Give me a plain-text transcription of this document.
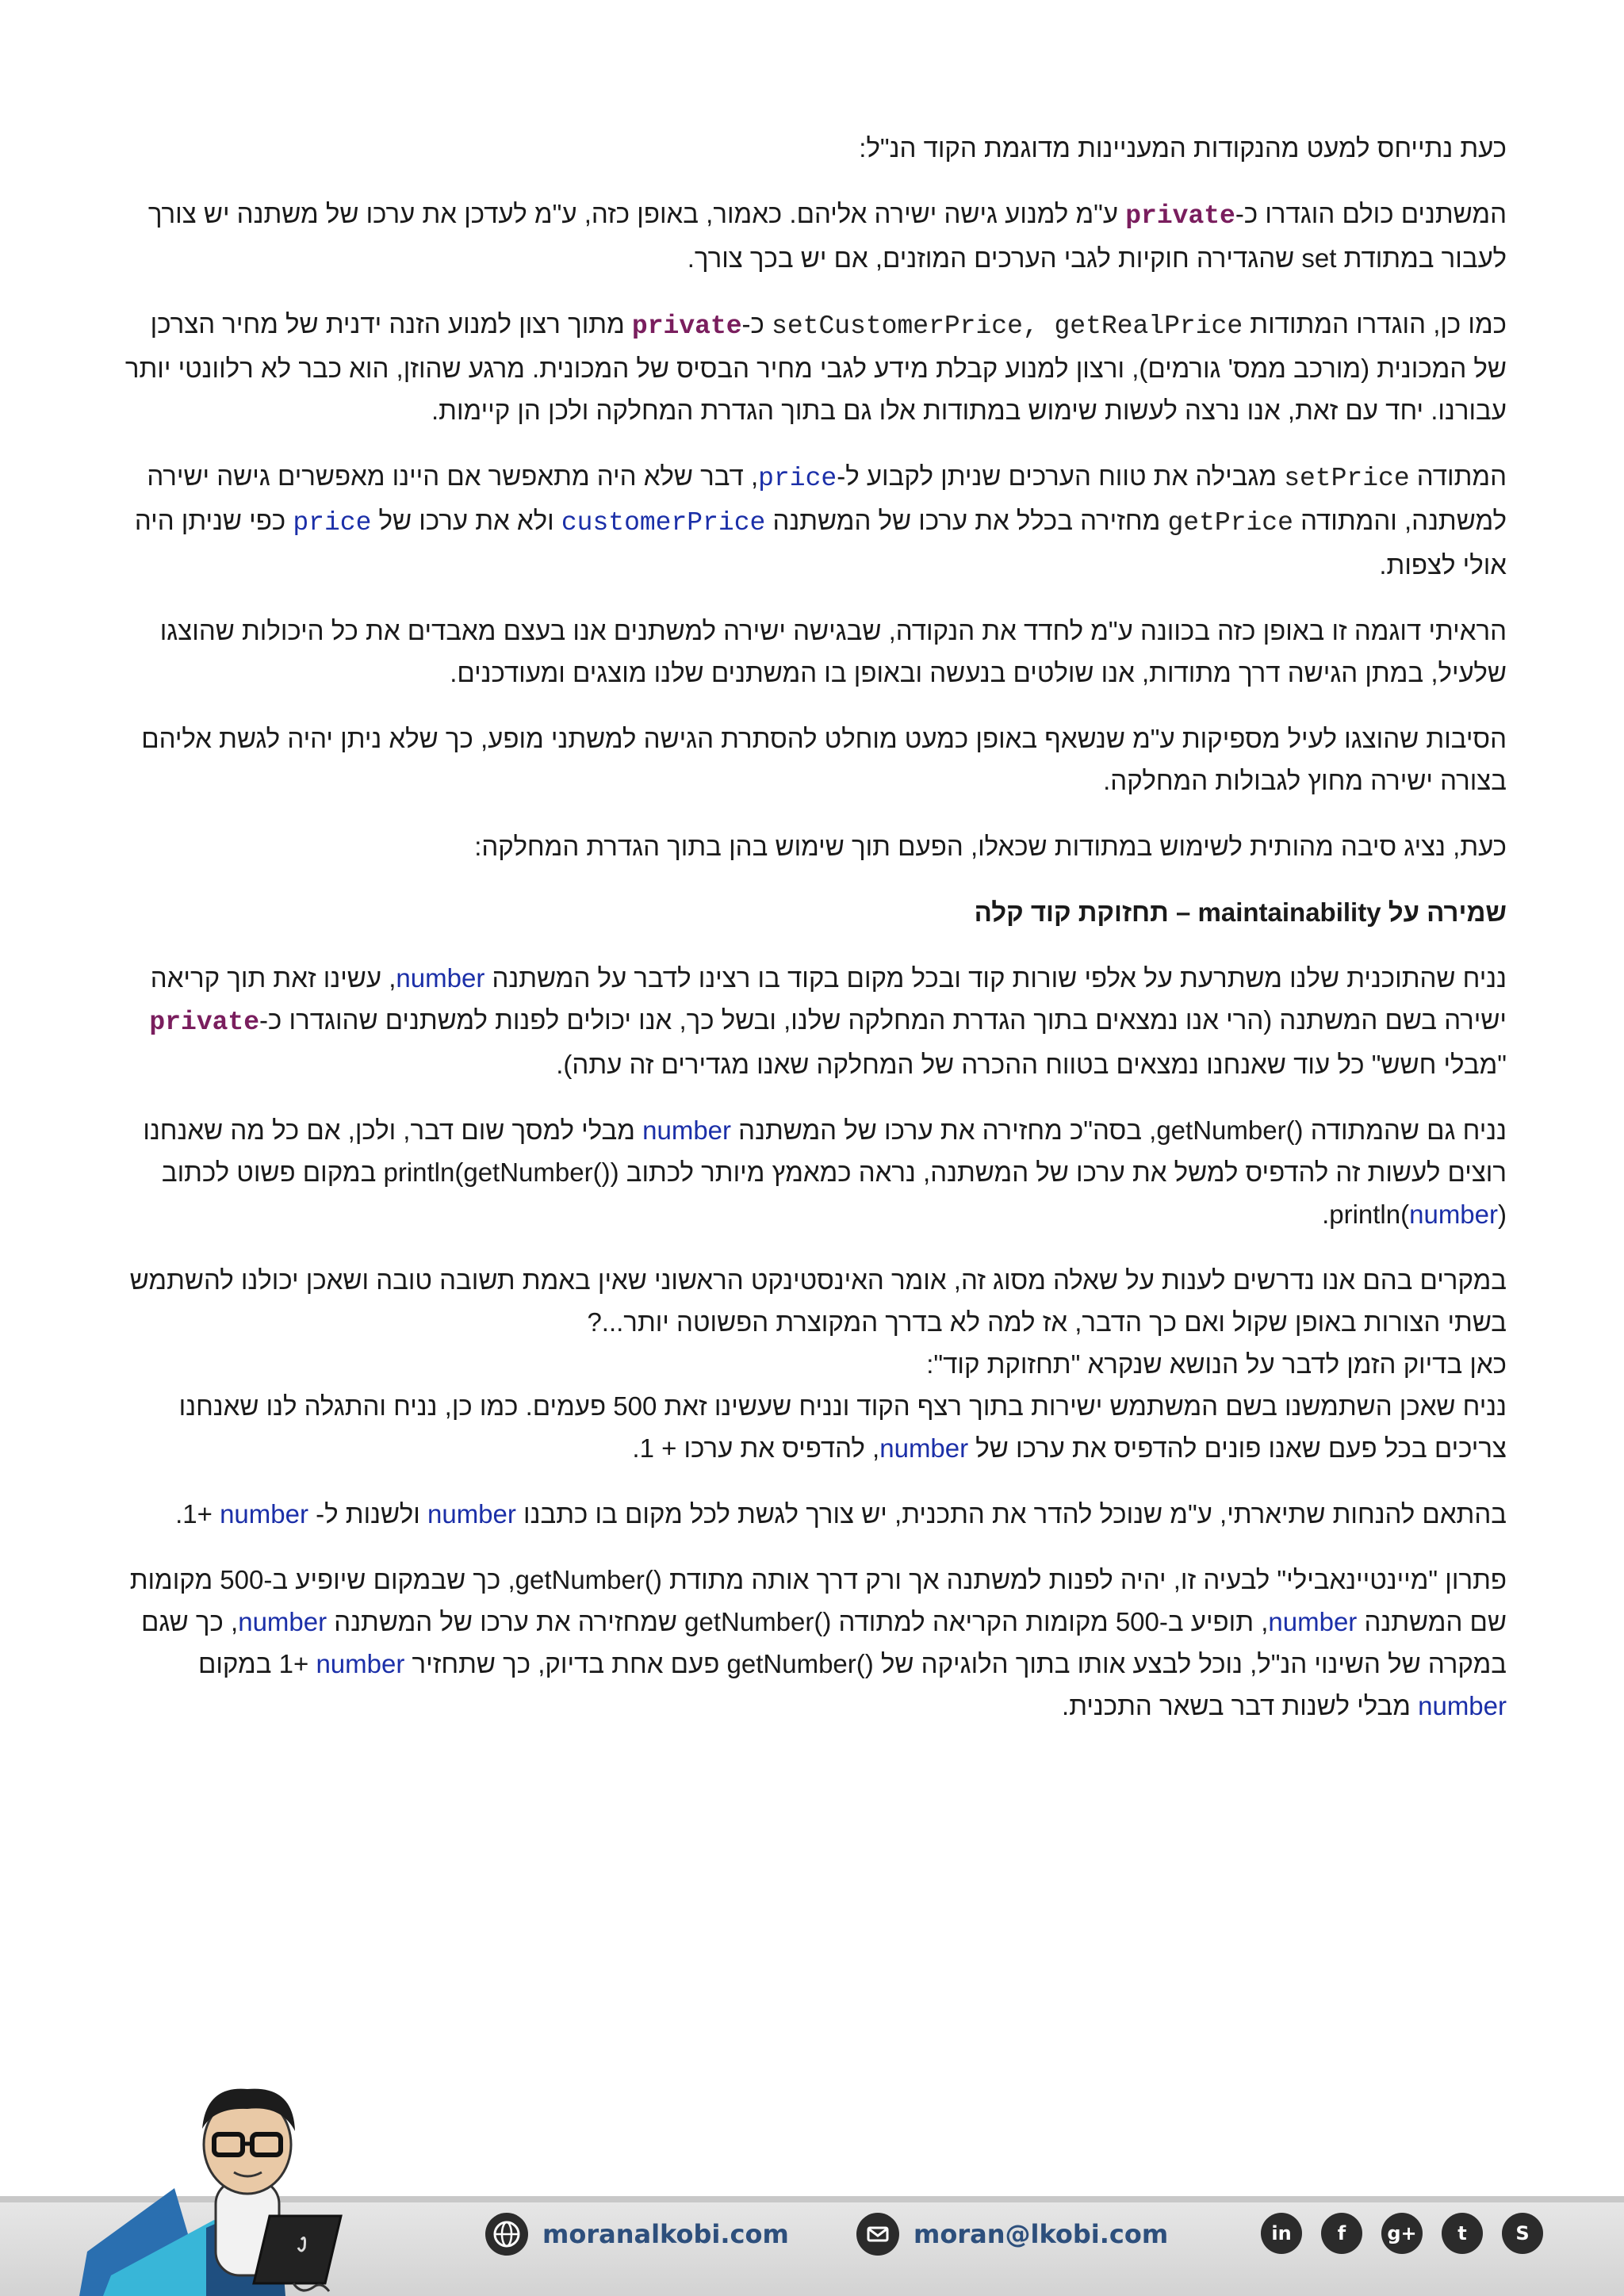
כעת נתייחס למעט מהנקודות המעניינות מדוגמת הקוד הנ"ל:

המשתנים כולם הוגדרו כ-private ע"מ למנוע גישה ישירה אליהם. כאמור, באופן כזה, ע"מ לעדכן את ערכו של משתנה יש צורך לעבור במתודת set שהגדירה חוקיות לגבי הערכים המוזנים, אם יש בכך צורך.

כמו כן, הוגדרו המתודות setCustomerPrice, getRealPrice כ-private מתוך רצון למנוע הזנה ידנית של מחיר הצרכן של המכונית (מורכב ממס' גורמים), ורצון למנוע קבלת מידע לגבי מחיר הבסיס של המכונית. מרגע שהוזן, הוא כבר לא רלוונטי יותר עבורנו. יחד עם זאת, אנו נרצה לעשות שימוש במתודות אלו גם בתוך הגדרת המחלקה ולכן הן קיימות.

המתודה setPrice מגבילה את טווח הערכים שניתן לקבוע ל-price, דבר שלא היה מתאפשר אם היינו מאפשרים גישה ישירה למשתנה, והמתודה getPrice מחזירה בכלל את ערכו של המשתנה customerPrice ולא את ערכו של price כפי שניתן היה אולי לצפות.

הראיתי דוגמה זו באופן כזה בכוונה ע"מ לחדד את הנקודה, שבגישה ישירה למשתנים אנו בעצם מאבדים את כל היכולות שהוצגו שלעיל, במתן הגישה דרך מתודות, אנו שולטים בנעשה ובאופן בו המשתנים שלנו מוצגים ומעודכנים.

הסיבות שהוצגו לעיל מספיקות ע"מ שנשאף באופן כמעט מוחלט להסתרת הגישה למשתני מופע, כך שלא ניתן יהיה לגשת אליהם בצורה ישירה מחוץ לגבולות המחלקה.

כעת, נציג סיבה מהותית לשימוש במתודות שכאלו, הפעם תוך שימוש בהן בתוך הגדרת המחלקה:

שמירה על maintainability – תחזוקת קוד קלה

נניח שהתוכנית שלנו משתרעת על אלפי שורות קוד ובכל מקום בקוד בו רצינו לדבר על המשתנה number, עשינו זאת תוך קריאה ישירה בשם המשתנה (הרי אנו נמצאים בתוך הגדרת המחלקה שלנו, ובשל כך, אנו יכולים לפנות למשתנים שהוגדרו כ-private "מבלי חשש" כל עוד שאנחנו נמצאים בטווח ההכרה של המחלקה שאנו מגדירים זה עתה).

נניח גם שהמתודה getNumber(), בסה"כ מחזירה את ערכו של המשתנה number מבלי למסך שום דבר, ולכן, אם כל מה שאנחנו רוצים לעשות זה להדפיס למשל את ערכו של המשתנה, נראה כמאמץ מיותר לכתוב println(getNumber()) במקום פשוט לכתוב println(number).

במקרים בהם אנו נדרשים לענות על שאלה מסוג זה, אומר האינסטינקט הראשוני שאין באמת תשובה טובה ושאכן יכולנו להשתמש בשתי הצורות באופן שקול ואם כך הדבר, אז למה לא בדרך המקוצרת הפשוטה יותר...?
כאן בדיוק הזמן לדבר על הנושא שנקרא "תחזוקת קוד":
נניח שאכן השתמשנו בשם המשתמש ישירות בתוך רצף הקוד ונניח שעשינו זאת 500 פעמים. כמו כן, נניח והתגלה לנו שאנחנו צריכים בכל פעם שאנו פונים להדפיס את ערכו של number, להדפיס את ערכו + 1.

בהתאם להנחות שתיארתי, ע"מ שנוכל להדר את התכנית, יש צורך לגשת לכל מקום בו כתבנו number ולשנות ל- number +1.

פתרון "מיינטיינאבילי" לבעיה זו, יהיה לפנות למשתנה אך ורק דרך אותה מתודת getNumber(), כך שבמקום שיופיע ב-500 מקומות שם המשתנה number, תופיע ב-500 מקומות הקריאה למתודה getNumber() שמחזירה את ערכו של המשתנה number, כך שגם במקרה של השינוי הנ"ל, נוכל לבצע אותו בתוך הלוגיקה של getNumber() פעם אחת בדיוק, כך שתחזיר number +1 במקום number מבלי לשנות דבר בשאר התכנית.

moranalkobi.com	moran@lkobi.com	in	f	g+	t	S
